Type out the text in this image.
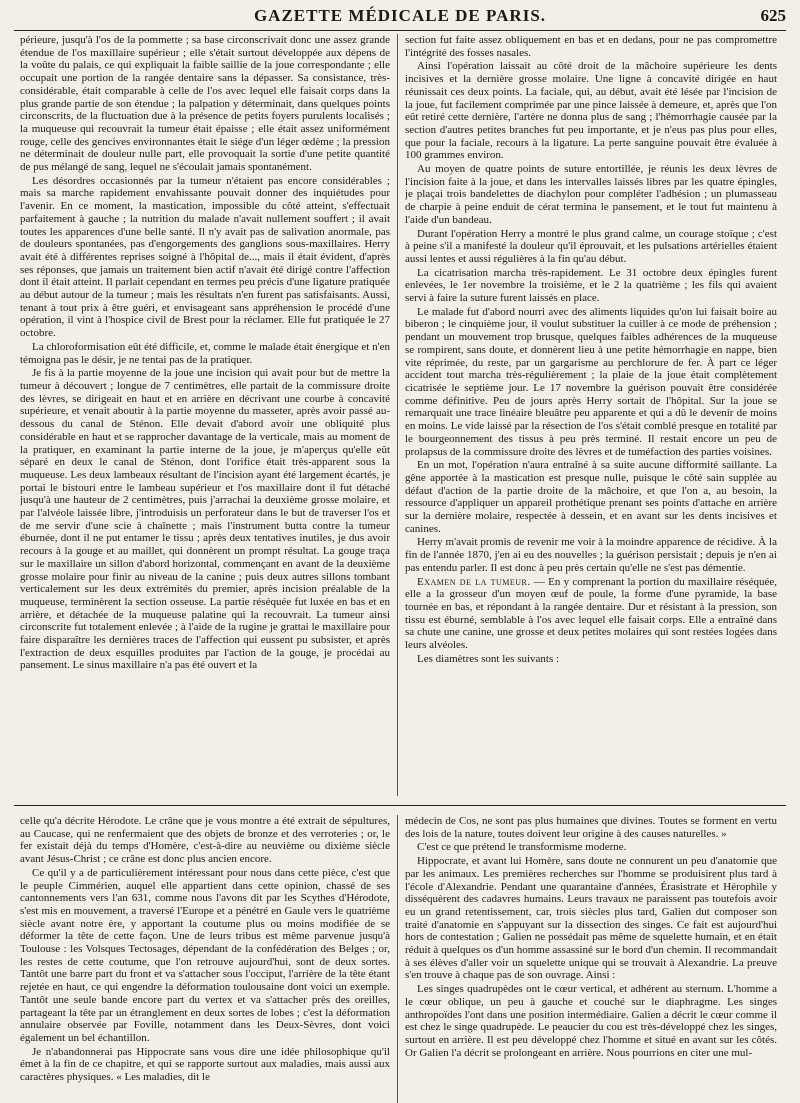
GAZETTE MÉDICALE DE PARIS.	625

périeure, jusqu'à l'os de la pommette ; sa base circonscrivait donc une assez grande étendue de l'os maxillaire supérieur ; elle s'était surtout développée aux dépens de la voûte du palais, ce qui expliquait la faible saillie de la joue correspondante ; elle occupait une portion de la rangée dentaire sans la dépasser. Sa consistance, très-considérable, était comparable à celle de l'os avec lequel elle faisait corps dans la plus grande partie de son étendue ; la palpation y déterminait, dans quelques points circonscrits, de la fluctuation due à la présence de petits foyers purulents localisés ; la muqueuse qui recouvrait la tumeur était épaisse ; elle était assez uniformément rouge, celle des gencives environnantes était le siége d'un léger œdème ; la pression ne déterminait de douleur nulle part, elle provoquait la sortie d'une petite quantité de pus mélangé de sang, lequel ne s'écoulait jamais spontanément.

Les désordres occasionnés par la tumeur n'étaient pas encore considérables ; mais sa marche rapidement envahissante pouvait donner des inquiétudes pour l'avenir. En ce moment, la mastication, impossible du côté atteint, s'effectuait parfaitement à gauche ; la nutrition du malade n'avait nullement souffert ; il avait toutes les apparences d'une belle santé. Il n'y avait pas de salivation anormale, pas de douleurs spontanées, pas d'engorgements des ganglions sous-maxillaires. Herry avait été à différentes reprises soigné à l'hôpital de..., mais il était évident, d'après ses réponses, que jamais un traitement bien actif n'avait été dirigé contre l'affection dont il était atteint. Il parlait cependant en termes peu précis d'une ligature pratiquée au début autour de la tumeur ; mais les résultats n'en furent pas satisfaisants. Aussi, tenant à tout prix à être guéri, et envisageant sans appréhension le procédé d'une opération, il vint à l'hospice civil de Brest pour la réclamer. Elle fut pratiquée le 27 octobre.

La chloroformisation eût été difficile, et, comme le malade était énergique et n'en témoigna pas le désir, je ne tentai pas de la pratiquer.

Je fis à la partie moyenne de la joue une incision qui avait pour but de mettre la tumeur à découvert ; longue de 7 centimètres, elle partait de la commissure droite des lèvres, se dirigeait en haut et en arrière en décrivant une courbe à concavité supérieure, et venait aboutir à la partie moyenne du masseter, après avoir passé au-dessous du canal de Sténon. Elle devait d'abord avoir une obliquité plus considérable en haut et se rapprocher davantage de la verticale, mais au moment de la pratiquer, en examinant la partie interne de la joue, je m'aperçus qu'elle eût séparé en deux le canal de Sténon, dont l'orifice était très-apparent sous la muqueuse. Les deux lambeaux résultant de l'incision ayant été largement écartés, je portai le bistouri entre le lambeau supérieur et l'os maxillaire dont il fut détaché jusqu'à une hauteur de 2 centimètres, puis j'arrachai la deuxième grosse molaire, et par l'alvéole laissée libre, j'introduisis un perforateur dans le but de traverser l'os et de me servir d'une scie à chaînette ; mais l'instrument butta contre la tumeur éburnée, dont il ne put entamer le tissu ; après deux tentatives inutiles, je dus avoir recours à la gouge et au maillet, qui donnèrent un prompt résultat. La gouge traça sur le maxillaire un sillon d'abord horizontal, commençant en avant de la deuxième grosse molaire pour finir au niveau de la canine ; puis deux autres sillons tombant verticalement sur les deux extrémités du premier, après incision préalable de la muqueuse, terminèrent la section osseuse. La partie réséquée fut luxée en bas et en arrière, et détachée de la muqueuse palatine qui la recouvrait. La tumeur ainsi circonscrite fut totalement enlevée ; à l'aide de la rugine je grattai le maxillaire pour faire disparaître les dernières traces de l'affection qui eussent pu subsister, et après l'extraction de deux esquilles produites par l'action de la gouge, je procédai au pansement. Le sinus maxillaire n'a pas été ouvert et la

section fut faite assez obliquement en bas et en dedans, pour ne pas compromettre l'intégrité des fosses nasales.

Ainsi l'opération laissait au côté droit de la mâchoire supérieure les dents incisives et la dernière grosse molaire. Une ligne à concavité dirigée en haut réunissait ces deux points. La faciale, qui, au début, avait été lésée par l'incision de la joue, fut facilement comprimée par une pince laissée à demeure, et, après que l'on eût retiré cette dernière, l'artère ne donna plus de sang ; l'hémorrhagie causée par la section d'autres petites branches fut peu importante, et je n'eus pas plus pour elles, que pour la faciale, recours à la ligature. La perte sanguine pouvait être évaluée à 100 grammes environ.

Au moyen de quatre points de suture entortillée, je réunis les deux lèvres de l'incision faite à la joue, et dans les intervalles laissés libres par les quatre épingles, je plaçai trois bandelettes de diachylon pour compléter l'adhésion ; un plumasseau de charpie à peine enduit de cérat termina le pansement, et le tout fut maintenu à l'aide d'un bandeau.

Durant l'opération Herry a montré le plus grand calme, un courage stoïque ; c'est à peine s'il a manifesté la douleur qu'il éprouvait, et les pulsations artérielles étaient aussi lentes et aussi régulières à la fin qu'au début.

La cicatrisation marcha très-rapidement. Le 31 octobre deux épingles furent enlevées, le 1er novembre la troisième, et le 2 la quatrième ; les fils qui avaient servi à faire la suture furent laissés en place.

Le malade fut d'abord nourri avec des aliments liquides qu'on lui faisait boire au biberon ; le cinquième jour, il voulut substituer la cuiller à ce mode de préhension ; pendant un mouvement trop brusque, quelques faibles adhérences de la muqueuse se rompirent, sans doute, et donnèrent lieu à une petite hémorrhagie en nappe, bien vite réprimée, du reste, par un gargarisme au perchlorure de fer. À part ce léger accident tout marcha très-régulièrement ; la plaie de la joue était complètement cicatrisée le septième jour. Le 17 novembre la guérison pouvait être considérée comme définitive. Peu de jours après Herry sortait de l'hôpital. Sur la joue se remarquait une trace linéaire bleuâtre peu apparente et qui a dû le devenir de moins en moins. Le vide laissé par la résection de l'os s'était comblé presque en totalité par le bourgeonnement des tissus à peu près terminé. Il restait encore un peu de prolapsus de la commissure droite des lèvres et de tuméfaction des parties voisines.

En un mot, l'opération n'aura entraîné à sa suite aucune difformité saillante. La gêne apportée à la mastication est presque nulle, puisque le côté sain supplée au défaut d'action de la partie droite de la mâchoire, et que l'on a, au besoin, la ressource d'appliquer un appareil prothétique prenant ses points d'attache en arrière sur la dernière molaire, respectée à dessein, et en avant sur les dents incisives et canines.

Herry m'avait promis de revenir me voir à la moindre apparence de récidive. À la fin de l'année 1870, j'en ai eu des nouvelles ; la guérison persistait ; depuis je n'en ai pas entendu parler. Il est donc à peu près certain qu'elle ne s'est pas démentie.

Examen de la tumeur. — En y comprenant la portion du maxillaire réséquée, elle a la grosseur d'un moyen œuf de poule, la forme d'une pyramide, la base tournée en bas, et répondant à la rangée dentaire. Dur et résistant à la pression, son tissu est éburné, semblable à l'os avec lequel elle faisait corps. Elle a entraîné dans sa chute une canine, une grosse et deux petites molaires qui sont restées logées dans leurs alvéoles.

Les diamètres sont les suivants :

celle qu'a décrite Hérodote. Le crâne que je vous montre a été extrait de sépultures, au Caucase, qui ne renfermaient que des objets de bronze et des verroteries ; or, le fer existait déjà du temps d'Homère, c'est-à-dire au neuvième ou dixième siècle avant Jésus-Christ ; ce crâne est donc plus ancien encore.

Ce qu'il y a de particulièrement intéressant pour nous dans cette pièce, c'est que le peuple Cimmérien, auquel elle appartient dans cette opinion, chassé de ses cantonnements vers l'an 631, comme nous l'avons dit par les Scythes d'Hérodote, s'est mis en mouvement, a traversé l'Europe et a pénétré en Gaule vers le quatrième siècle avant notre ère, y apportant la coutume plus ou moins modifiée de se déformer la tête de cette façon. Une de leurs tribus est même parvenue jusqu'à Toulouse : les Volsques Tectosages, dépendant de la confédération des Belges ; or, les restes de cette coutume, que l'on retrouve aujourd'hui, sont de deux sortes. Tantôt une barre part du front et va s'attacher sous l'occiput, l'arrière de la tête étant rejetée en haut, ce qui engendre la déformation toulousaine dont voici un exemple. Tantôt une seule bande encore part du vertex et va s'attacher près des oreilles, partageant la tête par un étranglement en deux sortes de lobes ; c'est la déformation annulaire observée par Foville, notamment dans les Deux-Sèvres, dont voici également un bel échantillon.

Je n'abandonnerai pas Hippocrate sans vous dire une idée philosophique qu'il émet à la fin de ce chapitre, et qui se rapporte surtout aux maladies, mais aussi aux caractères physiques. « Les maladies, dit le

médecin de Cos, ne sont pas plus humaines que divines. Toutes se forment en vertu des lois de la nature, toutes doivent leur origine à des causes naturelles. »

C'est ce que prétend le transformisme moderne.

Hippocrate, et avant lui Homère, sans doute ne connurent un peu d'anatomie que par les animaux. Les premières recherches sur l'homme se produisirent plus tard à l'école d'Alexandrie. Pendant une quarantaine d'années, Érasistrate et Hérophile y disséquèrent des cadavres humains. Leurs travaux ne paraissent pas toutefois avoir eu un grand retentissement, car, trois siècles plus tard, Galien dut composer son traité d'anatomie en s'appuyant sur la dissection des singes. Ce fait est aujourd'hui hors de contestation ; Galien ne possédait pas même de squelette humain, et en était réduit à quelques os d'un homme assassiné sur le bord d'un chemin. Il recommandait à ses élèves d'aller voir un squelette unique qui se trouvait à Alexandrie. La preuve s'en trouve à chaque pas de son ouvrage. Ainsi :

Les singes quadrupèdes ont le cœur vertical, et adhérent au sternum. L'homme a le cœur oblique, un peu à gauche et couché sur le diaphragme. Les singes anthropoïdes l'ont dans une position intermédiaire. Galien a décrit le cœur comme il est chez le singe quadrupède. Le peaucier du cou est très-développé chez les singes, surtout en arrière. Il est peu développé chez l'homme et situé en avant sur les côtés. Or Galien l'a décrit se prolongeant en arrière. Nous pourrions en citer une mul-
